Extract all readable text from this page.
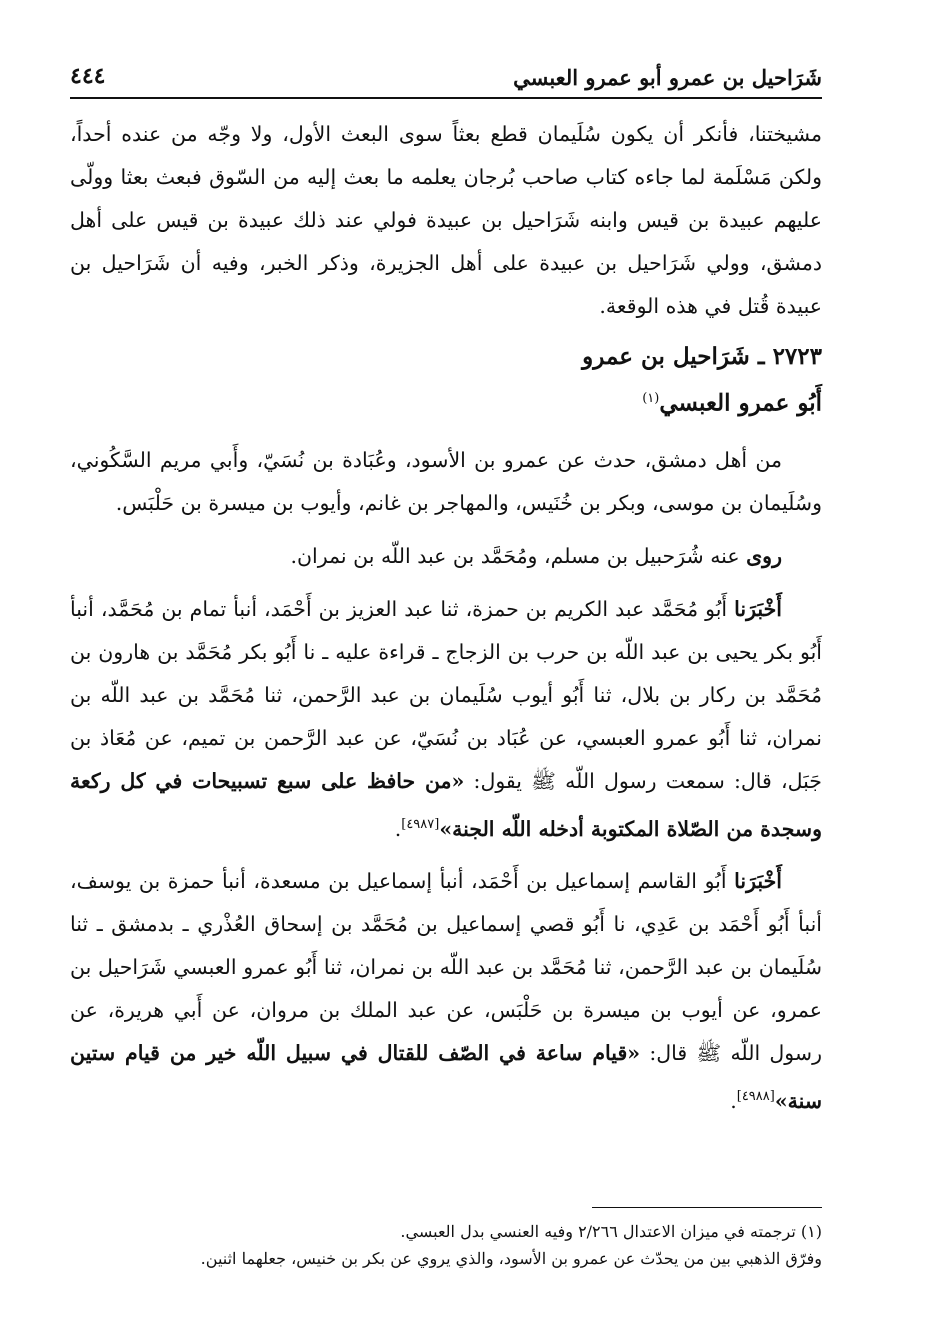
شَرَاحيل بن عمرو أبو عمرو العبسي
٤٤٤

مشيختنا، فأنكر أن يكون سُلَيمان قطع بعثاً سوى البعث الأول، ولا وجّه من عنده أحداً، ولكن مَسْلَمة لما جاءه كتاب صاحب بُرجان يعلمه ما بعث إليه من السّوق فبعث بعثا وولّى عليهم عبيدة بن قيس وابنه شَرَاحيل بن عبيدة فولي عند ذلك عبيدة بن قيس على أهل دمشق، وولي شَرَاحيل بن عبيدة على أهل الجزيرة، وذكر الخبر، وفيه أن شَرَاحيل بن عبيدة قُتل في هذه الوقعة.

٢٧٢٣ ـ شَرَاحيل بن عمرو
أَبُو عمرو العبسي$^{(١)}$

من أهل دمشق، حدث عن عمرو بن الأسود، وعُبَادة بن نُسَيّ، وأَبي مريم السَّكُوني، وسُلَيمان بن موسى، وبكر بن خُنَيس، والمهاجر بن غانم، وأيوب بن ميسرة بن حَلْبَس.

روى عنه شُرَحبيل بن مسلم، ومُحَمَّد بن عبد اللّه بن نمران.

أَخْبَرَنا أَبُو مُحَمَّد عبد الكريم بن حمزة، ثنا عبد العزيز بن أَحْمَد، أنبأ تمام بن مُحَمَّد، أنبأ أَبُو بكر يحيى بن عبد اللّه بن حرب بن الزجاج ـ قراءة عليه ـ نا أَبُو بكر مُحَمَّد بن هارون بن مُحَمَّد بن ركار بن بلال، ثنا أَبُو أيوب سُلَيمان بن عبد الرَّحمن، ثنا مُحَمَّد بن عبد اللّه بن نمران، ثنا أَبُو عمرو العبسي، عن عُبَاد بن نُسَيّ، عن عبد الرَّحمن بن تميم، عن مُعَاذ بن جَبَل، قال: سمعت رسول اللّه ﷺ يقول: «من حافظ على سبع تسبيحات في كل ركعة وسجدة من الصّلاة المكتوبة أدخله اللّه الجنة»[٤٩٨٧].

أَخْبَرَنا أَبُو القاسم إسماعيل بن أَحْمَد، أنبأ إسماعيل بن مسعدة، أنبأ حمزة بن يوسف، أنبأ أَبُو أَحْمَد بن عَدِي، نا أَبُو قصي إسماعيل بن مُحَمَّد بن إسحاق العُذْري ـ بدمشق ـ ثنا سُلَيمان بن عبد الرَّحمن، ثنا مُحَمَّد بن عبد اللّه بن نمران، ثنا أَبُو عمرو العبسي شَرَاحيل بن عمرو، عن أيوب بن ميسرة بن حَلْبَس، عن عبد الملك بن مروان، عن أَبي هريرة، عن رسول اللّه ﷺ قال: «قيام ساعة في الصّف للقتال في سبيل اللّه خير من قيام ستين سنة»[٤٩٨٨].

(١) ترجمته في ميزان الاعتدال ٢/٢٦٦ وفيه العنسي بدل العبسي.

وفرّق الذهبي بين من يحدّث عن عمرو بن الأسود، والذي يروي عن بكر بن خنيس، جعلهما اثنين.
